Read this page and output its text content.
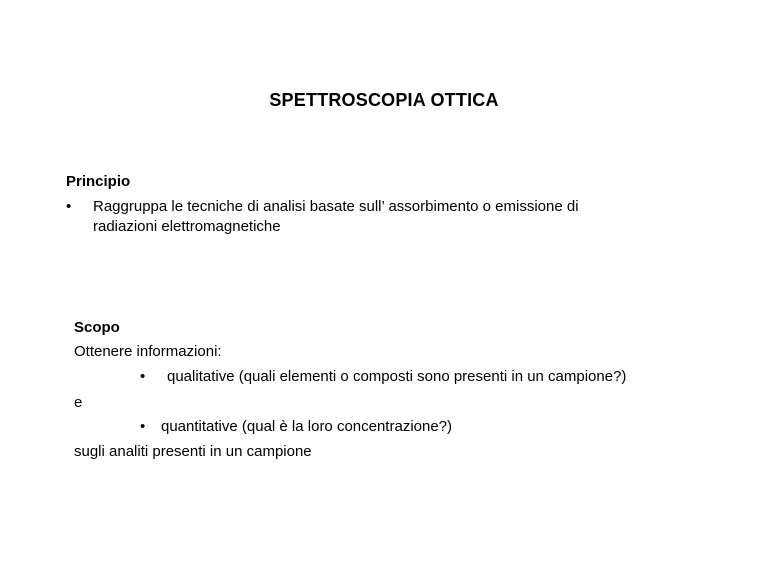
SPETTROSCOPIA OTTICA
Principio
• Raggruppa le tecniche di analisi basate sull’ assorbimento o emissione di
radiazioni elettromagnetiche
Scopo
Ottenere informazioni:
• qualitative (quali elementi o composti sono presenti in un campione?)
e
• quantitative (qual è la loro concentrazione?)
sugli analiti presenti in un campione
